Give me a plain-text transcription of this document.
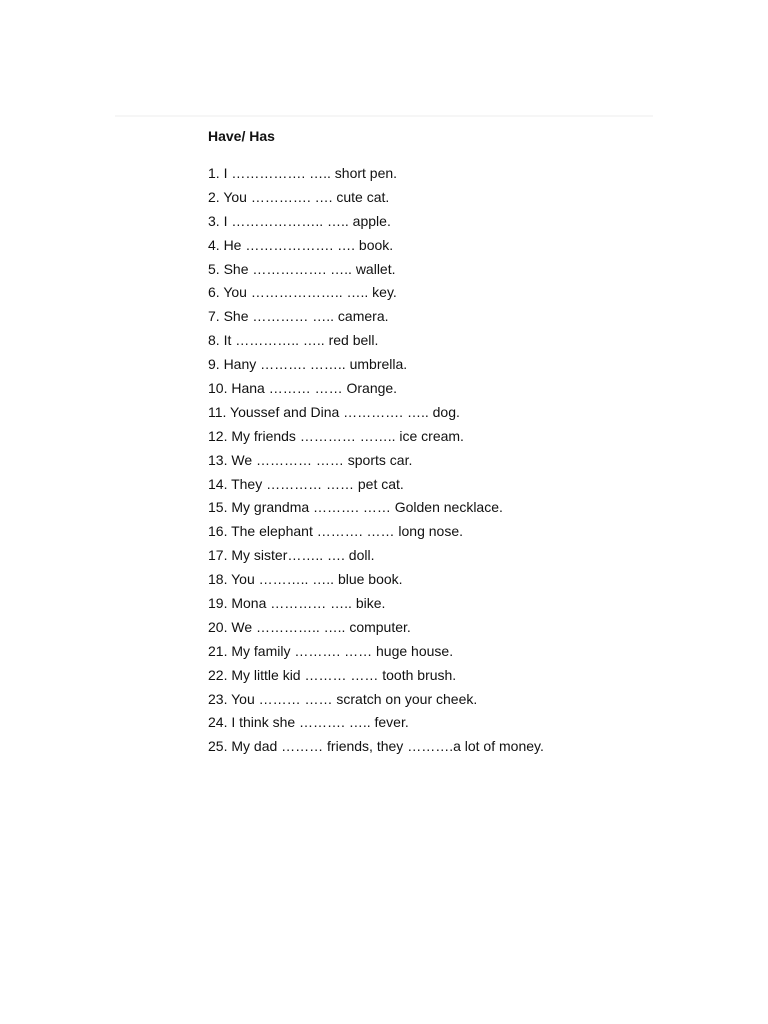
Have/ Has
1. I ……………. ….. short pen.
2. You …………. …. cute cat.
3. I ……………….. ….. apple.
4. He ………………. …. book.
5. She ……………. ….. wallet.
6. You ……………….. ….. key.
7. She ………… ….. camera.
8. It ………….. ….. red bell.
9. Hany ………. …….. umbrella.
10. Hana ……… …… Orange.
11. Youssef and Dina …………. ….. dog.
12. My friends ………… …….. ice cream.
13. We ………… …… sports car.
14. They ………… …… pet cat.
15. My grandma ………. …… Golden necklace.
16. The elephant ………. …… long nose.
17. My sister…….. …. doll.
18. You ……….. ….. blue book.
19. Mona ………… ….. bike.
20. We ………….. ….. computer.
21. My family ………. …… huge house.
22. My little kid ……… …… tooth brush.
23. You ……… …… scratch on your cheek.
24. I think she ………. ….. fever.
25. My dad ……… friends, they ……….a lot of money.
